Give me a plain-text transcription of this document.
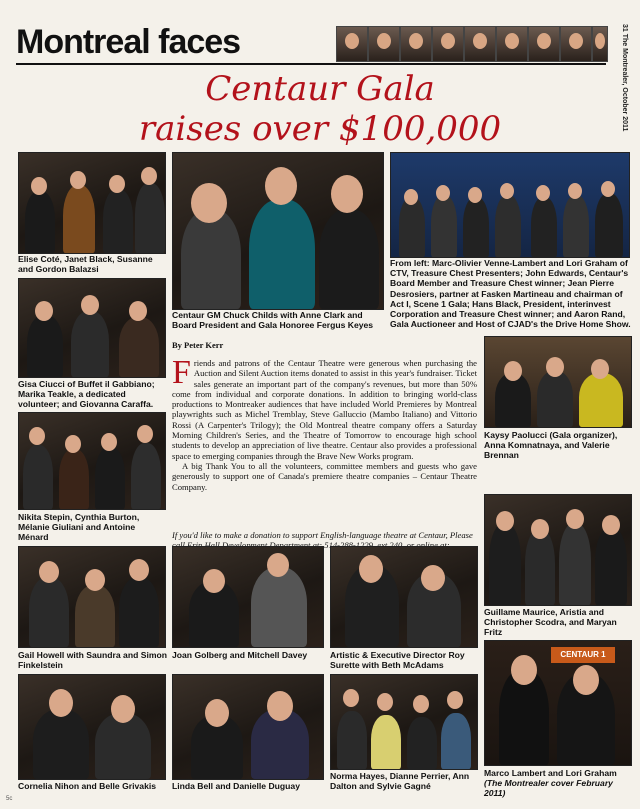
Montreal faces	31 The Montrealer, October 2011
Centaur Gala
raises over $100,000
Elise Coté, Janet Black, Susanne and Gordon Balazsi
Centaur GM Chuck Childs with Anne Clark and Board President and Gala Honoree Fergus Keyes
From left: Marc-Olivier Venne-Lambert and Lori Graham of CTV, Treasure Chest Presenters; John Edwards, Centaur's Board Member and Treasure Chest winner; Jean Pierre Desrosiers, partner at Fasken Martineau and chairman of Act I, Scene 1 Gala; Hans Black, President, interinvest Corporation and Treasure Chest winner; and Aaron Rand, Gala Auctioneer and Host of CJAD's the Drive Home Show.
Gisa Ciucci of Buffet il Gabbiano; Marika Teakle, a dedicated volunteer; and Giovanna Caraffa.
Nikita Stepin, Cynthia Burton, Mélanie Giuliani and Antoine Ménard
By Peter Kerr

Friends and patrons of the Centaur Theatre were generous when purchasing the Auction and Silent Auction items donated to assist in this year's fundraiser. Ticket sales generate an important part of the company's revenues, but more than 50% come from individual and corporate donations. In addition to bringing world-class productions to Montreaker audiences that have included World Premieres by Montreal playwrights such as Michel Tremblay, Steve Galluccio (Mambo Italiano) and Vittorio Rossi (A Carpenter's Trilogy); the Old Montreal theatre company offers a Saturday Morning Children's Series, and the Theatre of Tomorrow to encourage high school students to develop an appreciation of live theatre. Centaur also provides a professional space to emerging companies through the Brave New Works program.

A big Thank You to all the volunteers, committee members and guests who gave generously to support one of Canada's premiere theatre companies – Centaur Theatre Company.

If you'd like to make a donation to support English-language theatre at Centaur, Please
Kaysy Paolucci (Gala organizer), Anna Komnatnaya, and Valerie Brennan
Guillame Maurice, Aristia and Christopher Scodra, and Maryan Fritz
Gail Howell with Saundra and Simon Finkelstein
Joan Golberg and Mitchell Davey	Artistic & Executive Director Roy Surette with Beth McAdams
Cornelia Nihon and Belle Grivakis	Linda Bell and Danielle Duguay
Norma Hayes, Dianne Perrier, Ann Dalton and Sylvie Gagné
CENTAUR 1
Marco Lambert and Lori Graham
(The Montrealer cover February 2011)
5c
